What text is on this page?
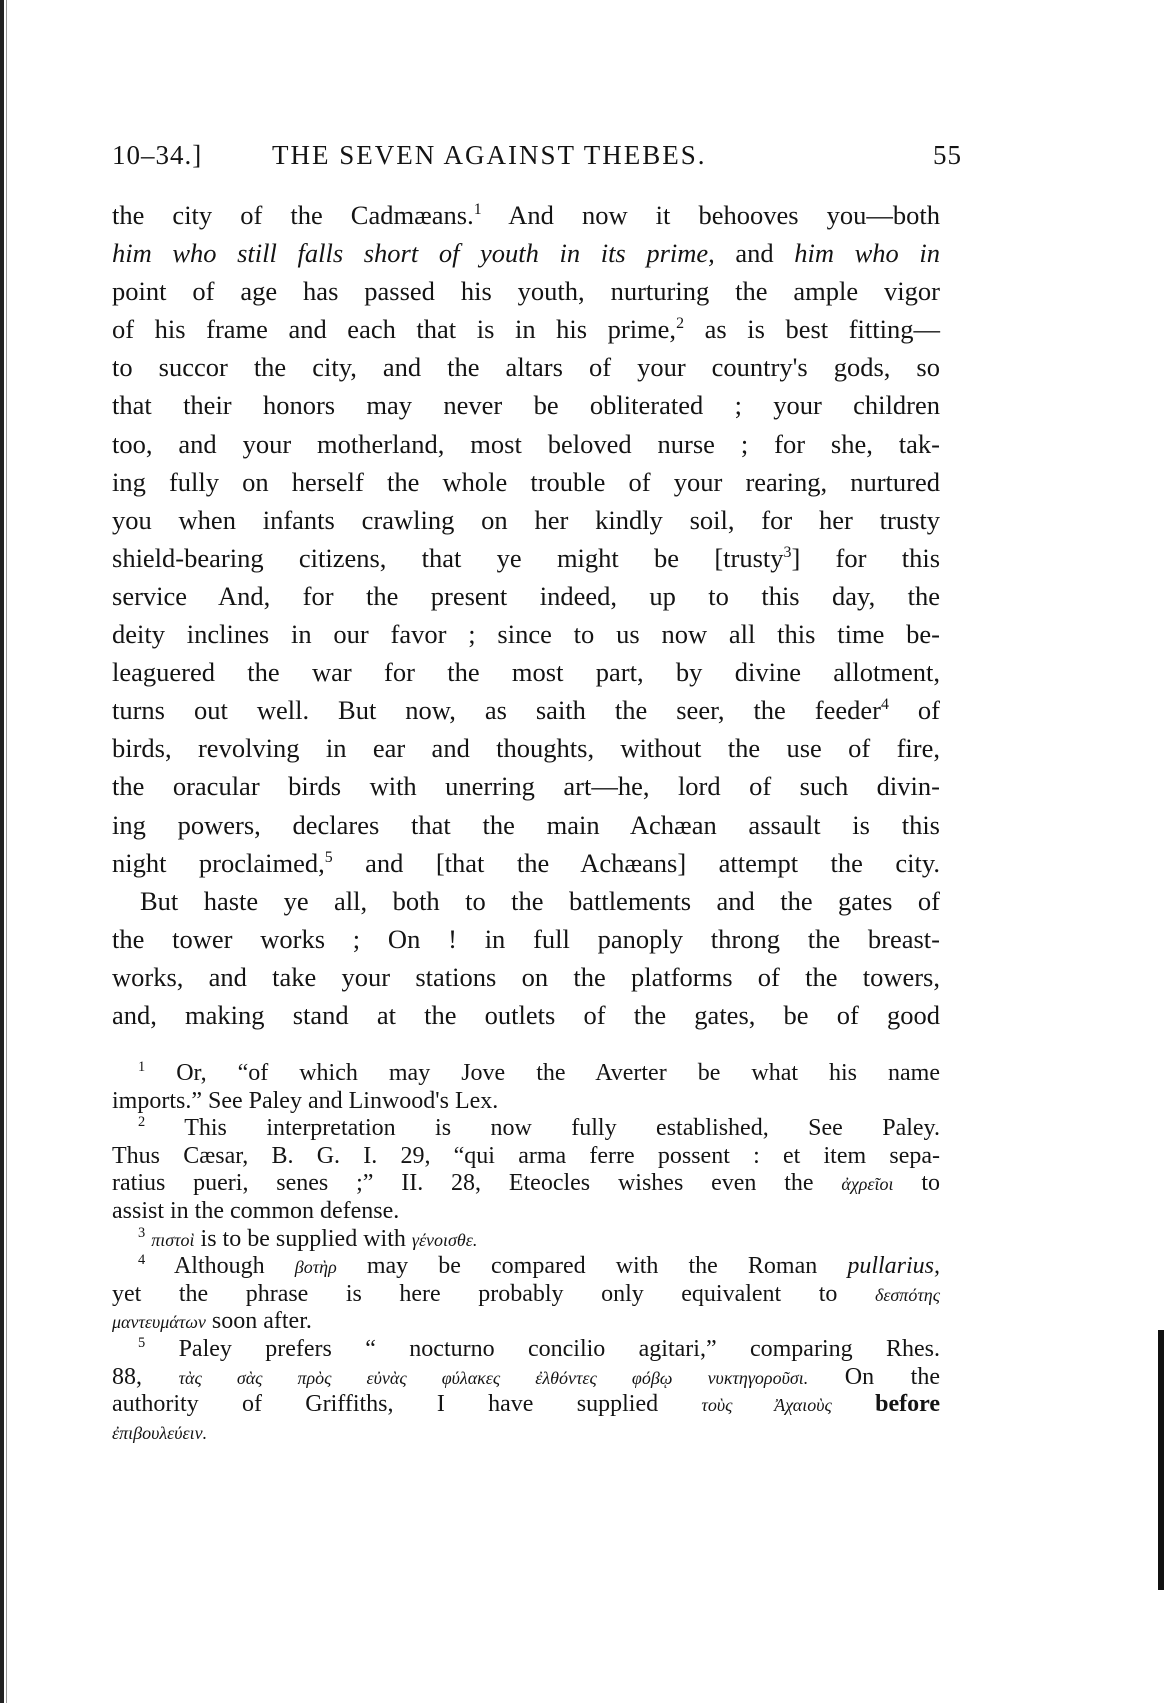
10–34.]	THE SEVEN AGAINST THEBES.	55
the city of the Cadmæans.$^1$ And now it behooves you—both
him who still falls short of youth in its prime, and him who in
point of age has passed his youth, nurturing the ample vigor
of his frame and each that is in his prime,$^2$ as is best fitting—
to succor the city, and the altars of your country's gods, so
that their honors may never be obliterated ; your children
too, and your motherland, most beloved nurse ; for she, tak-
ing fully on herself the whole trouble of your rearing, nurtured
you when infants crawling on her kindly soil, for her trusty
shield-bearing citizens, that ye might be [trusty$^3$] for this
service And, for the present indeed, up to this day, the
deity inclines in our favor ; since to us now all this time be-
leaguered the war for the most part, by divine allotment,
turns out well. But now, as saith the seer, the feeder$^4$ of
birds, revolving in ear and thoughts, without the use of fire,
the oracular birds with unerring art—he, lord of such divin-
ing powers, declares that the main Achæan assault is this
night proclaimed,$^5$ and [that the Achæans] attempt the city.
But haste ye all, both to the battlements and the gates of
the tower works ; On ! in full panoply throng the breast-
works, and take your stations on the platforms of the towers,
and, making stand at the outlets of the gates, be of good
$^1$ Or, “of which may Jove the Averter be what his name
imports.” See Paley and Linwood's Lex.
$^2$ This interpretation is now fully established, See Paley.
Thus Cæsar, B. G. I. 29, “qui arma ferre possent : et item sepa-
ratius pueri, senes ;” II. 28, Eteocles wishes even the ἀχρεῖοι to
assist in the common defense.
$^3$ πιστοὶ is to be supplied with γένοισθε.
$^4$ Although βοτὴρ may be compared with the Roman pullarius,
yet the phrase is here probably only equivalent to δεσπότης
μαντευμάτων soon after.
$^5$ Paley prefers “ nocturno concilio agitari,” comparing Rhes.
88, τὰς σὰς πρὸς εὐνὰς φύλακες ἐλθόντες φόβῳ νυκτηγοροῦσι. On the
authority of Griffiths, I have supplied τοὺς Ἀχαιοὺς before
ἐπιβουλεύειν.
